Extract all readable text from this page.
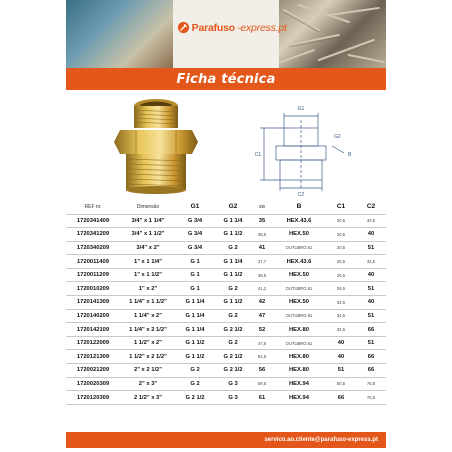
Parafuso -express.pt
Ficha técnica
G1
B
C1
C2
G2
REF nr.	Dimensão	G1	G2	sw	B	C1	C2
1720341409	3/4" x 1 1/4"	G 3/4	G 1 1/4	35	HEX.43.6	20,5	34,5
1720341209	3/4" x 1 1/2"	G 3/4	G 1 1/2	38,5	HEX.50	20,5	40
1720340209	3/4" x 2"	G 3/4	G 2	41	OUTUBRO.61	20,5	51
1720011409	1" x 1 1/4"	G 1	G 1 1/4	37,7	HEX.43.6	26,5	34,5
1720011209	1" x 1 1/2"	G 1	G 1 1/2	39,5	HEX.50	26,5	40
1720010209	1" x 2"	G 1	G 2	41,2	OUTUBRO.61	26,5	51
1720141309	1 1/4" x 1 1/2"	G 1 1/4	G 1 1/2	42	HEX.50	34,5	40
1720140209	1 1/4" x 2"	G 1 1/4	G 2	47	OUTUBRO.61	34,5	51
1720142109	1 1/4" x 2 1/2"	G 1 1/4	G 2 1/2	52	HEX.80	34,5	66
1720122009	1 1/2" x 2"	G 1 1/2	G 2	47,5	OUTUBRO.61	40	51
1720121309	1 1/2" x 2 1/2"	G 1 1/2	G 2 1/2	52,5	HEX.80	40	66
1720021209	2" x 2 1/2"	G 2	G 2 1/2	56	HEX.80	51	66
1720020309	2" x 3"	G 2	G 3	59,5	HEX.94	50,5	76,5
1720120309	2 1/2" x 3"	G 2 1/2	G 3	61	HEX.94	66	76,5
servico.ao.cliente@parafuso-express.pt
